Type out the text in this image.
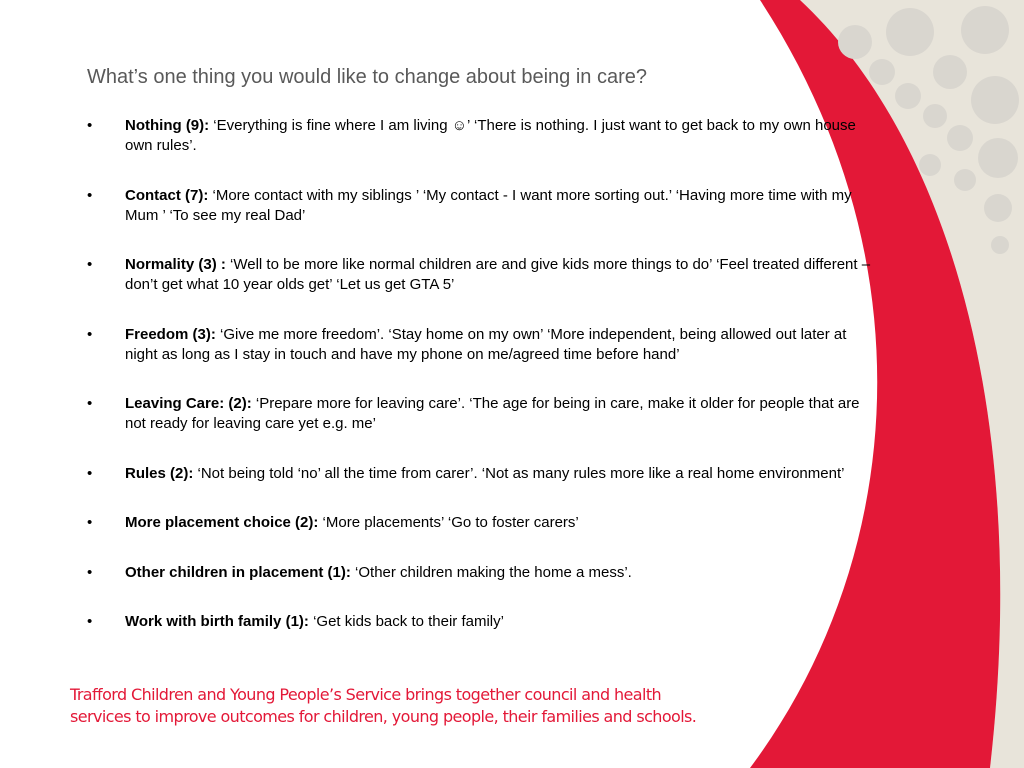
What’s one thing you would like to change about being in care?
• Nothing (9): ‘Everything is fine where I am living ☺’ ‘There is nothing. I just want to get back to my own house own rules’.
• Contact (7): ‘More contact with my siblings ’ ‘My contact - I want more sorting out.’ ‘Having more time with my Mum ’ ‘To see my real Dad’
• Normality (3) : ‘Well to be more like normal children are and give kids more things to do’ ‘Feel treated different – don’t get what 10 year olds get’ ‘Let us get GTA 5’
• Freedom (3): ‘Give me more freedom’. ‘Stay home on my own’ ‘More independent, being allowed out later at night as long as I stay in touch and have my phone on me/agreed time before hand’
• Leaving Care: (2): ‘Prepare more for leaving care’. ‘The age for being in care, make it older for people that are not ready for leaving care yet e.g. me’
• Rules (2): ‘Not being told ‘no’ all the time from carer’. ‘Not as many rules more like a real home environment’
• More placement choice (2): ‘More placements’ ‘Go to foster carers’
• Other children in placement (1): ‘Other children making the home a mess’.
• Work with birth family (1): ‘Get kids back to their family’
Trafford Children and Young People’s Service brings together council and health
services to improve outcomes for children, young people, their families and schools.
